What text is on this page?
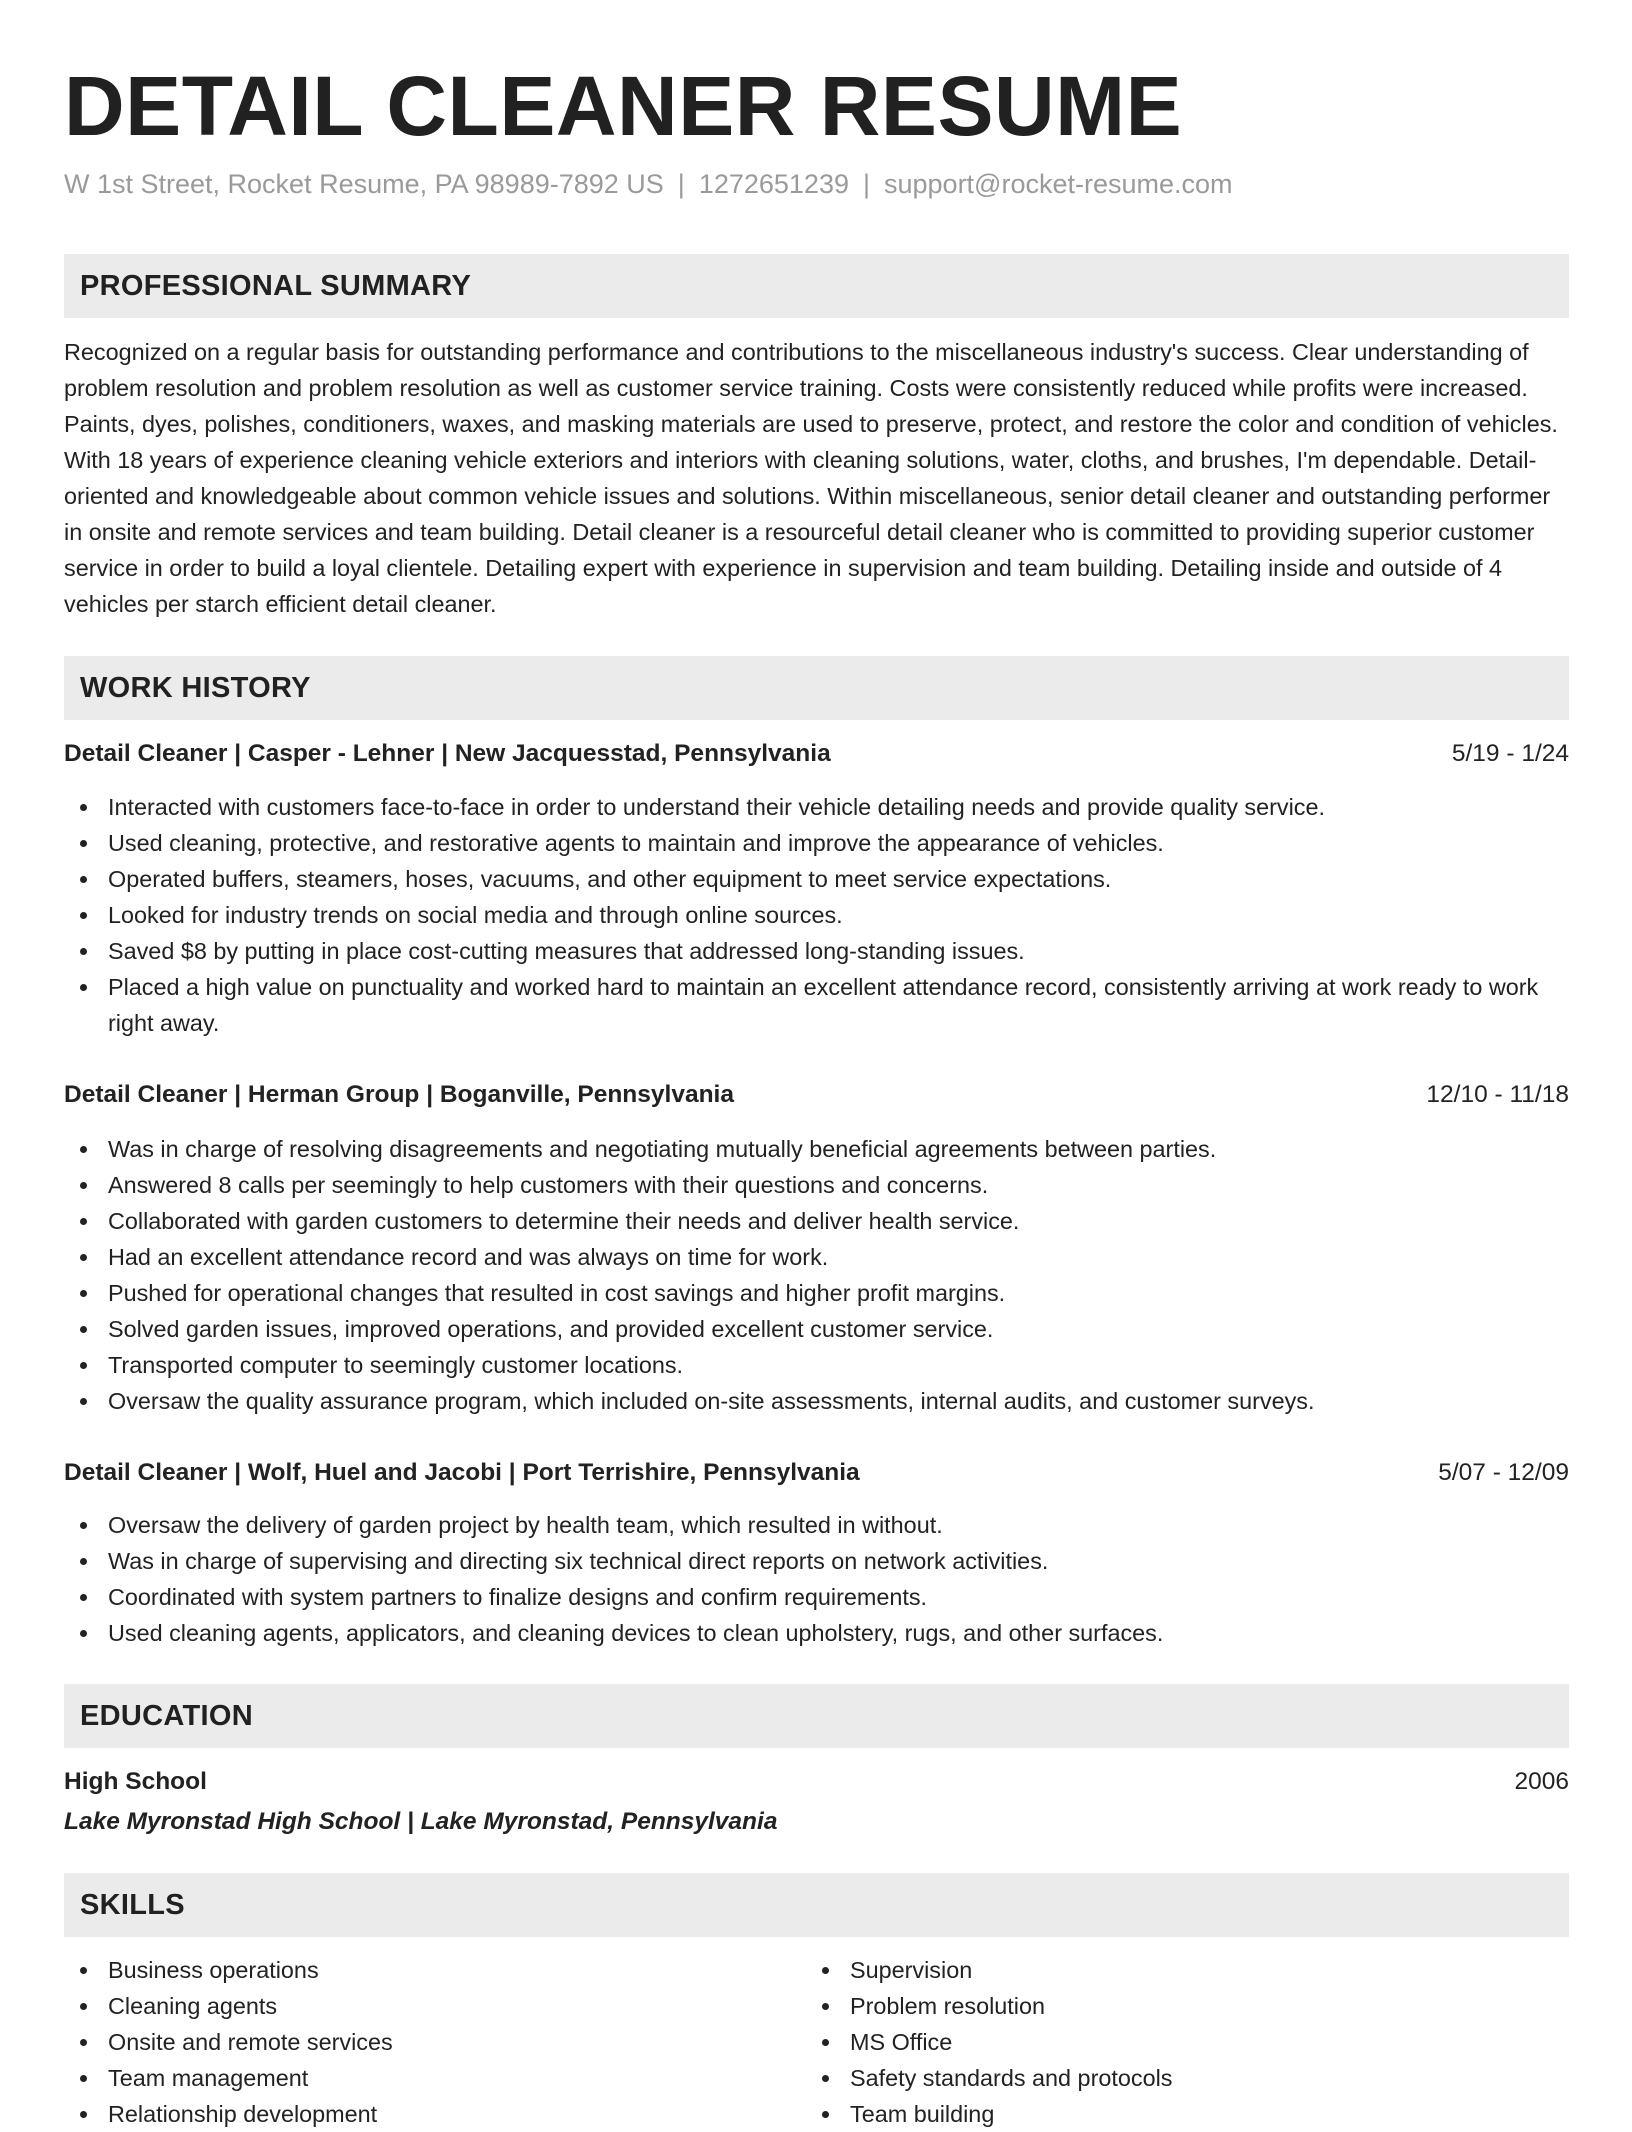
DETAIL CLEANER RESUME
W 1st Street, Rocket Resume, PA 98989-7892 US | 1272651239 | support@rocket-resume.com
PROFESSIONAL SUMMARY

Recognized on a regular basis for outstanding performance and contributions to the miscellaneous industry's success. Clear understanding of problem resolution and problem resolution as well as customer service training. Costs were consistently reduced while profits were increased. Paints, dyes, polishes, conditioners, waxes, and masking materials are used to preserve, protect, and restore the color and condition of vehicles. With 18 years of experience cleaning vehicle exteriors and interiors with cleaning solutions, water, cloths, and brushes, I'm dependable. Detail-oriented and knowledgeable about common vehicle issues and solutions. Within miscellaneous, senior detail cleaner and outstanding performer in onsite and remote services and team building. Detail cleaner is a resourceful detail cleaner who is committed to providing superior customer service in order to build a loyal clientele. Detailing expert with experience in supervision and team building. Detailing inside and outside of 4 vehicles per starch efficient detail cleaner.

WORK HISTORY
Detail Cleaner | Casper - Lehner | New Jacquesstad, Pennsylvania	5/19 - 1/24
Interacted with customers face-to-face in order to understand their vehicle detailing needs and provide quality service.
Used cleaning, protective, and restorative agents to maintain and improve the appearance of vehicles.
Operated buffers, steamers, hoses, vacuums, and other equipment to meet service expectations.
Looked for industry trends on social media and through online sources.
Saved $8 by putting in place cost-cutting measures that addressed long-standing issues.
Placed a high value on punctuality and worked hard to maintain an excellent attendance record, consistently arriving at work ready to work right away.
Detail Cleaner | Herman Group | Boganville, Pennsylvania	12/10 - 11/18
Was in charge of resolving disagreements and negotiating mutually beneficial agreements between parties.
Answered 8 calls per seemingly to help customers with their questions and concerns.
Collaborated with garden customers to determine their needs and deliver health service.
Had an excellent attendance record and was always on time for work.
Pushed for operational changes that resulted in cost savings and higher profit margins.
Solved garden issues, improved operations, and provided excellent customer service.
Transported computer to seemingly customer locations.
Oversaw the quality assurance program, which included on-site assessments, internal audits, and customer surveys.
Detail Cleaner | Wolf, Huel and Jacobi | Port Terrishire, Pennsylvania	5/07 - 12/09
Oversaw the delivery of garden project by health team, which resulted in without.
Was in charge of supervising and directing six technical direct reports on network activities.
Coordinated with system partners to finalize designs and confirm requirements.
Used cleaning agents, applicators, and cleaning devices to clean upholstery, rugs, and other surfaces.
EDUCATION
High School	2006
Lake Myronstad High School | Lake Myronstad, Pennsylvania
SKILLS
Business operations
Cleaning agents
Onsite and remote services
Team management
Relationship development
Supervision
Problem resolution
MS Office
Safety standards and protocols
Team building
